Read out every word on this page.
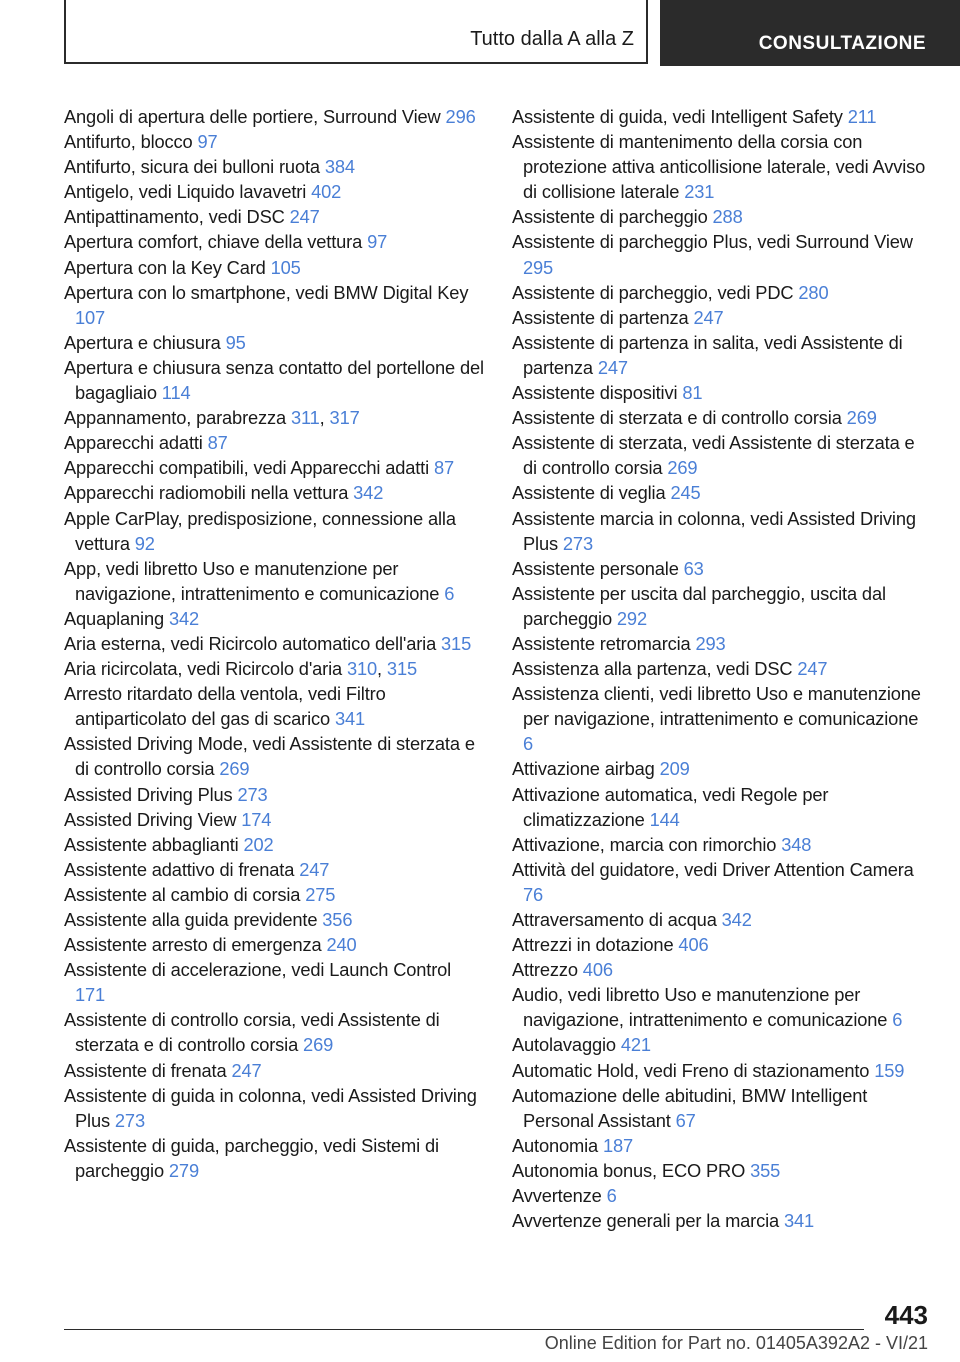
Tutto dalla A alla Z	CONSULTAZIONE
Angoli di apertura delle portiere, Surround View 296
Antifurto, blocco 97
Antifurto, sicura dei bulloni ruota 384
Antigelo, vedi Liquido lavavetri 402
Antipattinamento, vedi DSC 247
Apertura comfort, chiave della vettura 97
Apertura con la Key Card 105
Apertura con lo smartphone, vedi BMW Digital Key 107
Apertura e chiusura 95
Apertura e chiusura senza contatto del portellone del bagagliaio 114
Appannamento, parabrezza 311, 317
Apparecchi adatti 87
Apparecchi compatibili, vedi Apparecchi adatti 87
Apparecchi radiomobili nella vettura 342
Apple CarPlay, predisposizione, connessione alla vettura 92
App, vedi libretto Uso e manutenzione per navigazione, intrattenimento e comunicazione 6
Aquaplaning 342
Aria esterna, vedi Ricircolo automatico dell'aria 315
Aria ricircolata, vedi Ricircolo d'aria 310, 315
Arresto ritardato della ventola, vedi Filtro antiparticolato del gas di scarico 341
Assisted Driving Mode, vedi Assistente di sterzata e di controllo corsia 269
Assisted Driving Plus 273
Assisted Driving View 174
Assistente abbaglianti 202
Assistente adattivo di frenata 247
Assistente al cambio di corsia 275
Assistente alla guida previdente 356
Assistente arresto di emergenza 240
Assistente di accelerazione, vedi Launch Control 171
Assistente di controllo corsia, vedi Assistente di sterzata e di controllo corsia 269
Assistente di frenata 247
Assistente di guida in colonna, vedi Assisted Driving Plus 273
Assistente di guida, parcheggio, vedi Sistemi di parcheggio 279
Assistente di guida, vedi Intelligent Safety 211
Assistente di mantenimento della corsia con protezione attiva anticollisione laterale, vedi Avviso di collisione laterale 231
Assistente di parcheggio 288
Assistente di parcheggio Plus, vedi Surround View 295
Assistente di parcheggio, vedi PDC 280
Assistente di partenza 247
Assistente di partenza in salita, vedi Assistente di partenza 247
Assistente dispositivi 81
Assistente di sterzata e di controllo corsia 269
Assistente di sterzata, vedi Assistente di sterzata e di controllo corsia 269
Assistente di veglia 245
Assistente marcia in colonna, vedi Assisted Driving Plus 273
Assistente personale 63
Assistente per uscita dal parcheggio, uscita dal parcheggio 292
Assistente retromarcia 293
Assistenza alla partenza, vedi DSC 247
Assistenza clienti, vedi libretto Uso e manutenzione per navigazione, intrattenimento e comunicazione 6
Attivazione airbag 209
Attivazione automatica, vedi Regole per climatizzazione 144
Attivazione, marcia con rimorchio 348
Attività del guidatore, vedi Driver Attention Camera 76
Attraversamento di acqua 342
Attrezzi in dotazione 406
Attrezzo 406
Audio, vedi libretto Uso e manutenzione per navigazione, intrattenimento e comunicazione 6
Autolavaggio 421
Automatic Hold, vedi Freno di stazionamento 159
Automazione delle abitudini, BMW Intelligent Personal Assistant 67
Autonomia 187
Autonomia bonus, ECO PRO 355
Avvertenze 6
Avvertenze generali per la marcia 341
443
Online Edition for Part no. 01405A392A2 - VI/21
